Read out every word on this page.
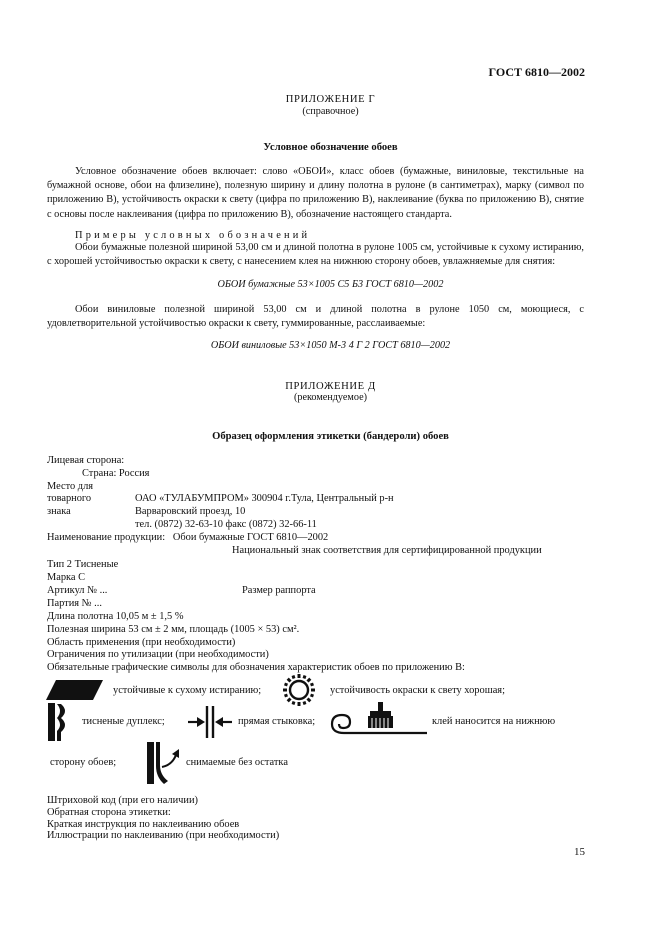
ГОСТ 6810—2002
ПРИЛОЖЕНИЕ Г
(справочное)
Условное обозначение обоев
Условное обозначение обоев включает: слово «ОБОИ», класс обоев (бумажные, виниловые, текстильные на бумажной основе, обои на флизелине), полезную ширину и длину полотна в рулоне (в сантиметрах), марку (символ по приложению В), устойчивость окраски к свету (цифра по приложению В), наклеивание (буква по приложению В), снятие с основы после наклеивания (цифра по приложению В), обозначение настоящего стандарта.
Примеры условных обозначений
Обои бумажные полезной шириной 53,00 см и длиной полотна в рулоне 1005 см, устойчивые к сухому истиранию, с хорошей устойчивостью окраски к свету, с нанесением клея на нижнюю сторону обоев, увлажняемые для снятия:
ОБОИ бумажные 53×1005 С5 Б3 ГОСТ 6810—2002
Обои виниловые полезной шириной 53,00 см и длиной полотна в рулоне 1050 см, моющиеся, с удовлетворительной устойчивостью окраски к свету, гуммированные, расслаиваемые:
ОБОИ виниловые 53×1050 М-3 4 Г 2 ГОСТ 6810—2002
ПРИЛОЖЕНИЕ Д
(рекомендуемое)
Образец оформления этикетки (бандероли) обоев
Лицевая сторона:
Страна: Россия
Место для
товарного
знака
ОАО «ТУЛАБУМПРОМ» 300904 г.Тула, Центральный р-н
Варваровский проезд, 10
тел. (0872) 32-63-10 факс (0872) 32-66-11
Наименование продукции:   Обои бумажные ГОСТ 6810—2002
Национальный знак соответствия для сертифицированной продукции
Тип 2 Тисненые
Марка С
Артикул № ...	Размер раппорта
Партия № ...
Длина полотна 10,05 м ± 1,5 %
Полезная ширина 53 см ± 2 мм, площадь (1005 × 53) см².
Область применения (при необходимости)
Ограничения по утилизации (при необходимости)
Обязательные графические символы для обозначения характеристик обоев по приложению В:
устойчивые к сухому истиранию;	устойчивость окраски к свету хорошая;
тисненые дуплекс;	прямая стыковка;	клей наносится на нижнюю
сторону обоев;	снимаемые без остатка
Штриховой код (при его наличии)
Обратная сторона этикетки:
Краткая инструкция по наклеиванию обоев
Иллюстрации по наклеиванию (при необходимости)
15
